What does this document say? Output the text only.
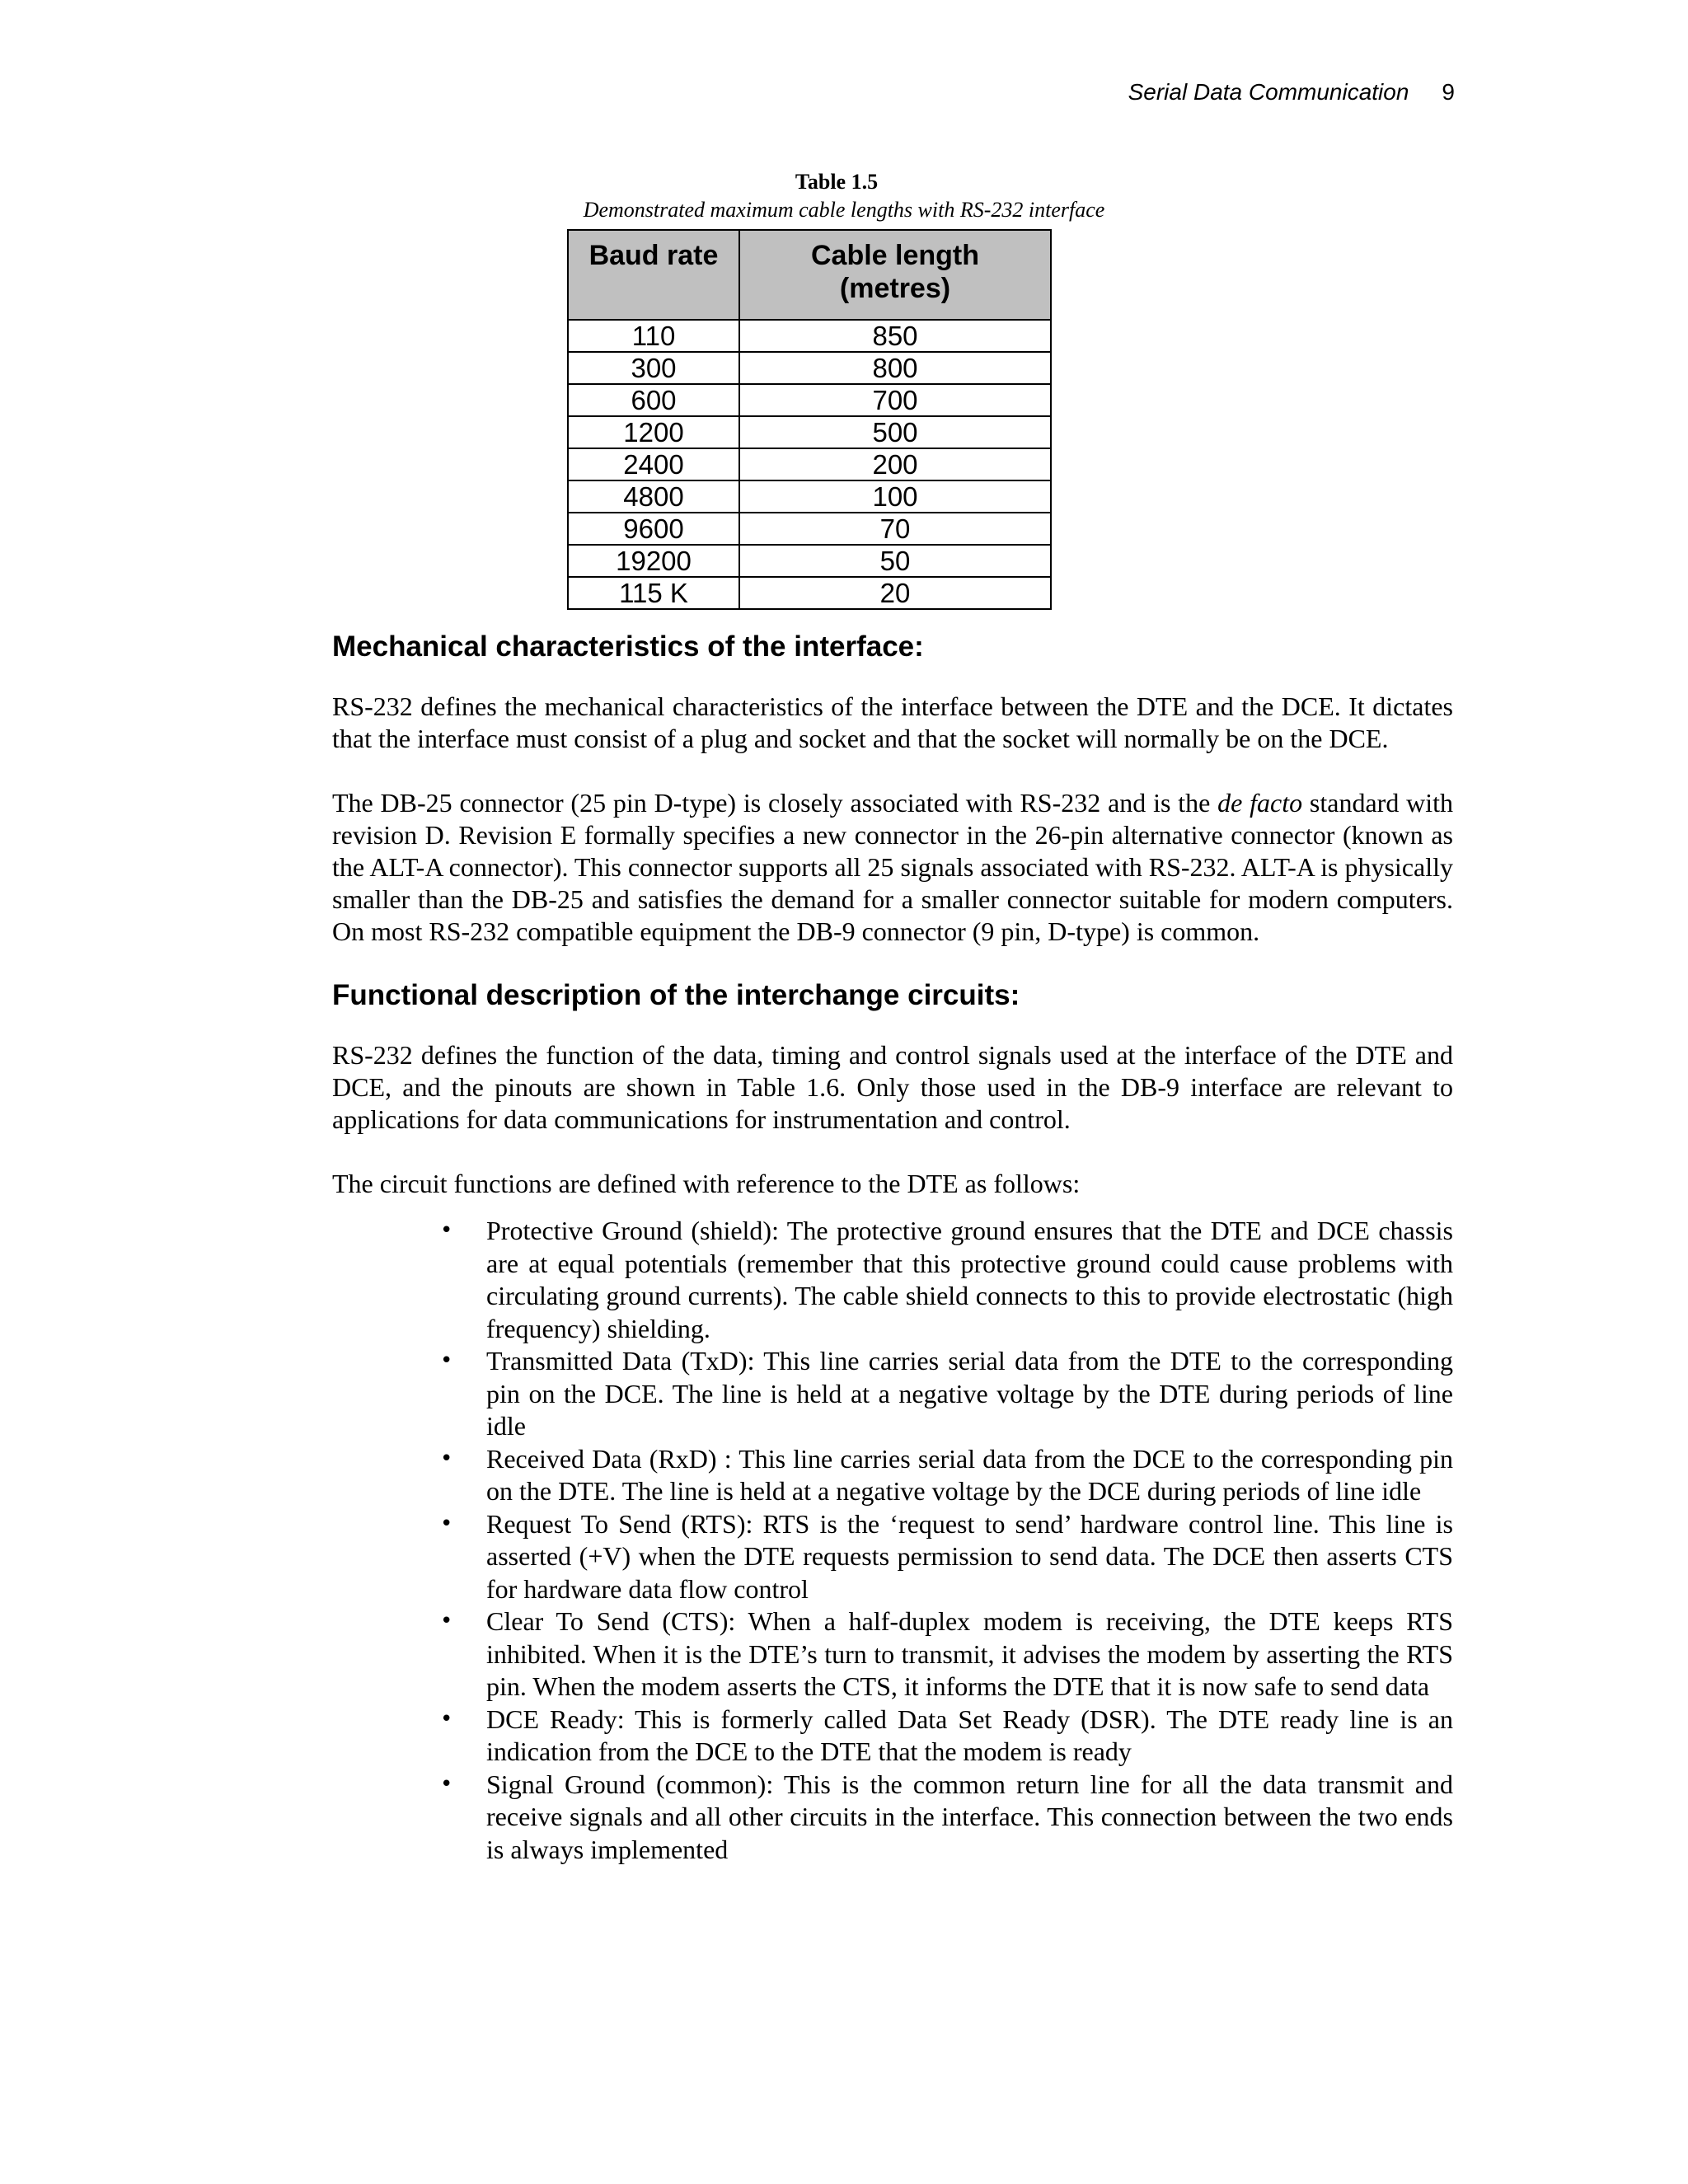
Serial Data Communication 9
Table 1.5
Demonstrated maximum cable lengths with RS-232 interface
Baud rate	Cable length
(metres)
110	850
300	800
600	700
1200	500
2400	200
4800	100
9600	70
19200	50
115 K	20
Mechanical characteristics of the interface:

RS-232 defines the mechanical characteristics of the interface between the DTE and the DCE. It dictates that the interface must consist of a plug and socket and that the socket will normally be on the DCE.

The DB-25 connector (25 pin D-type) is closely associated with RS-232 and is the de facto standard with revision D. Revision E formally specifies a new connector in the 26-pin alternative connector (known as the ALT-A connector). This connector supports all 25 signals associated with RS-232. ALT-A is physically smaller than the DB-25 and satisfies the demand for a smaller connector suitable for modern computers. On most RS-232 compatible equipment the DB-9 connector (9 pin, D-type) is common.

Functional description of the interchange circuits:

RS-232 defines the function of the data, timing and control signals used at the interface of the DTE and DCE, and the pinouts are shown in Table 1.6. Only those used in the DB-9 interface are relevant to applications for data communications for instrumentation and control.

The circuit functions are defined with reference to the DTE as follows:

• Protective Ground (shield): The protective ground ensures that the DTE and DCE chassis are at equal potentials (remember that this protective ground could cause problems with circulating ground currents). The cable shield connects to this to provide electrostatic (high frequency) shielding.
• Transmitted Data (TxD): This line carries serial data from the DTE to the corresponding pin on the DCE. The line is held at a negative voltage by the DTE during periods of line idle
• Received Data (RxD) : This line carries serial data from the DCE to the corresponding pin on the DTE. The line is held at a negative voltage by the DCE during periods of line idle
• Request To Send (RTS): RTS is the ‘request to send’ hardware control line. This line is asserted (+V) when the DTE requests permission to send data. The DCE then asserts CTS for hardware data flow control
• Clear To Send (CTS): When a half-duplex modem is receiving, the DTE keeps RTS inhibited. When it is the DTE’s turn to transmit, it advises the modem by asserting the RTS pin. When the modem asserts the CTS, it informs the DTE that it is now safe to send data
• DCE Ready: This is formerly called Data Set Ready (DSR). The DTE ready line is an indication from the DCE to the DTE that the modem is ready
• Signal Ground (common): This is the common return line for all the data transmit and receive signals and all other circuits in the interface. This connection between the two ends is always implemented
